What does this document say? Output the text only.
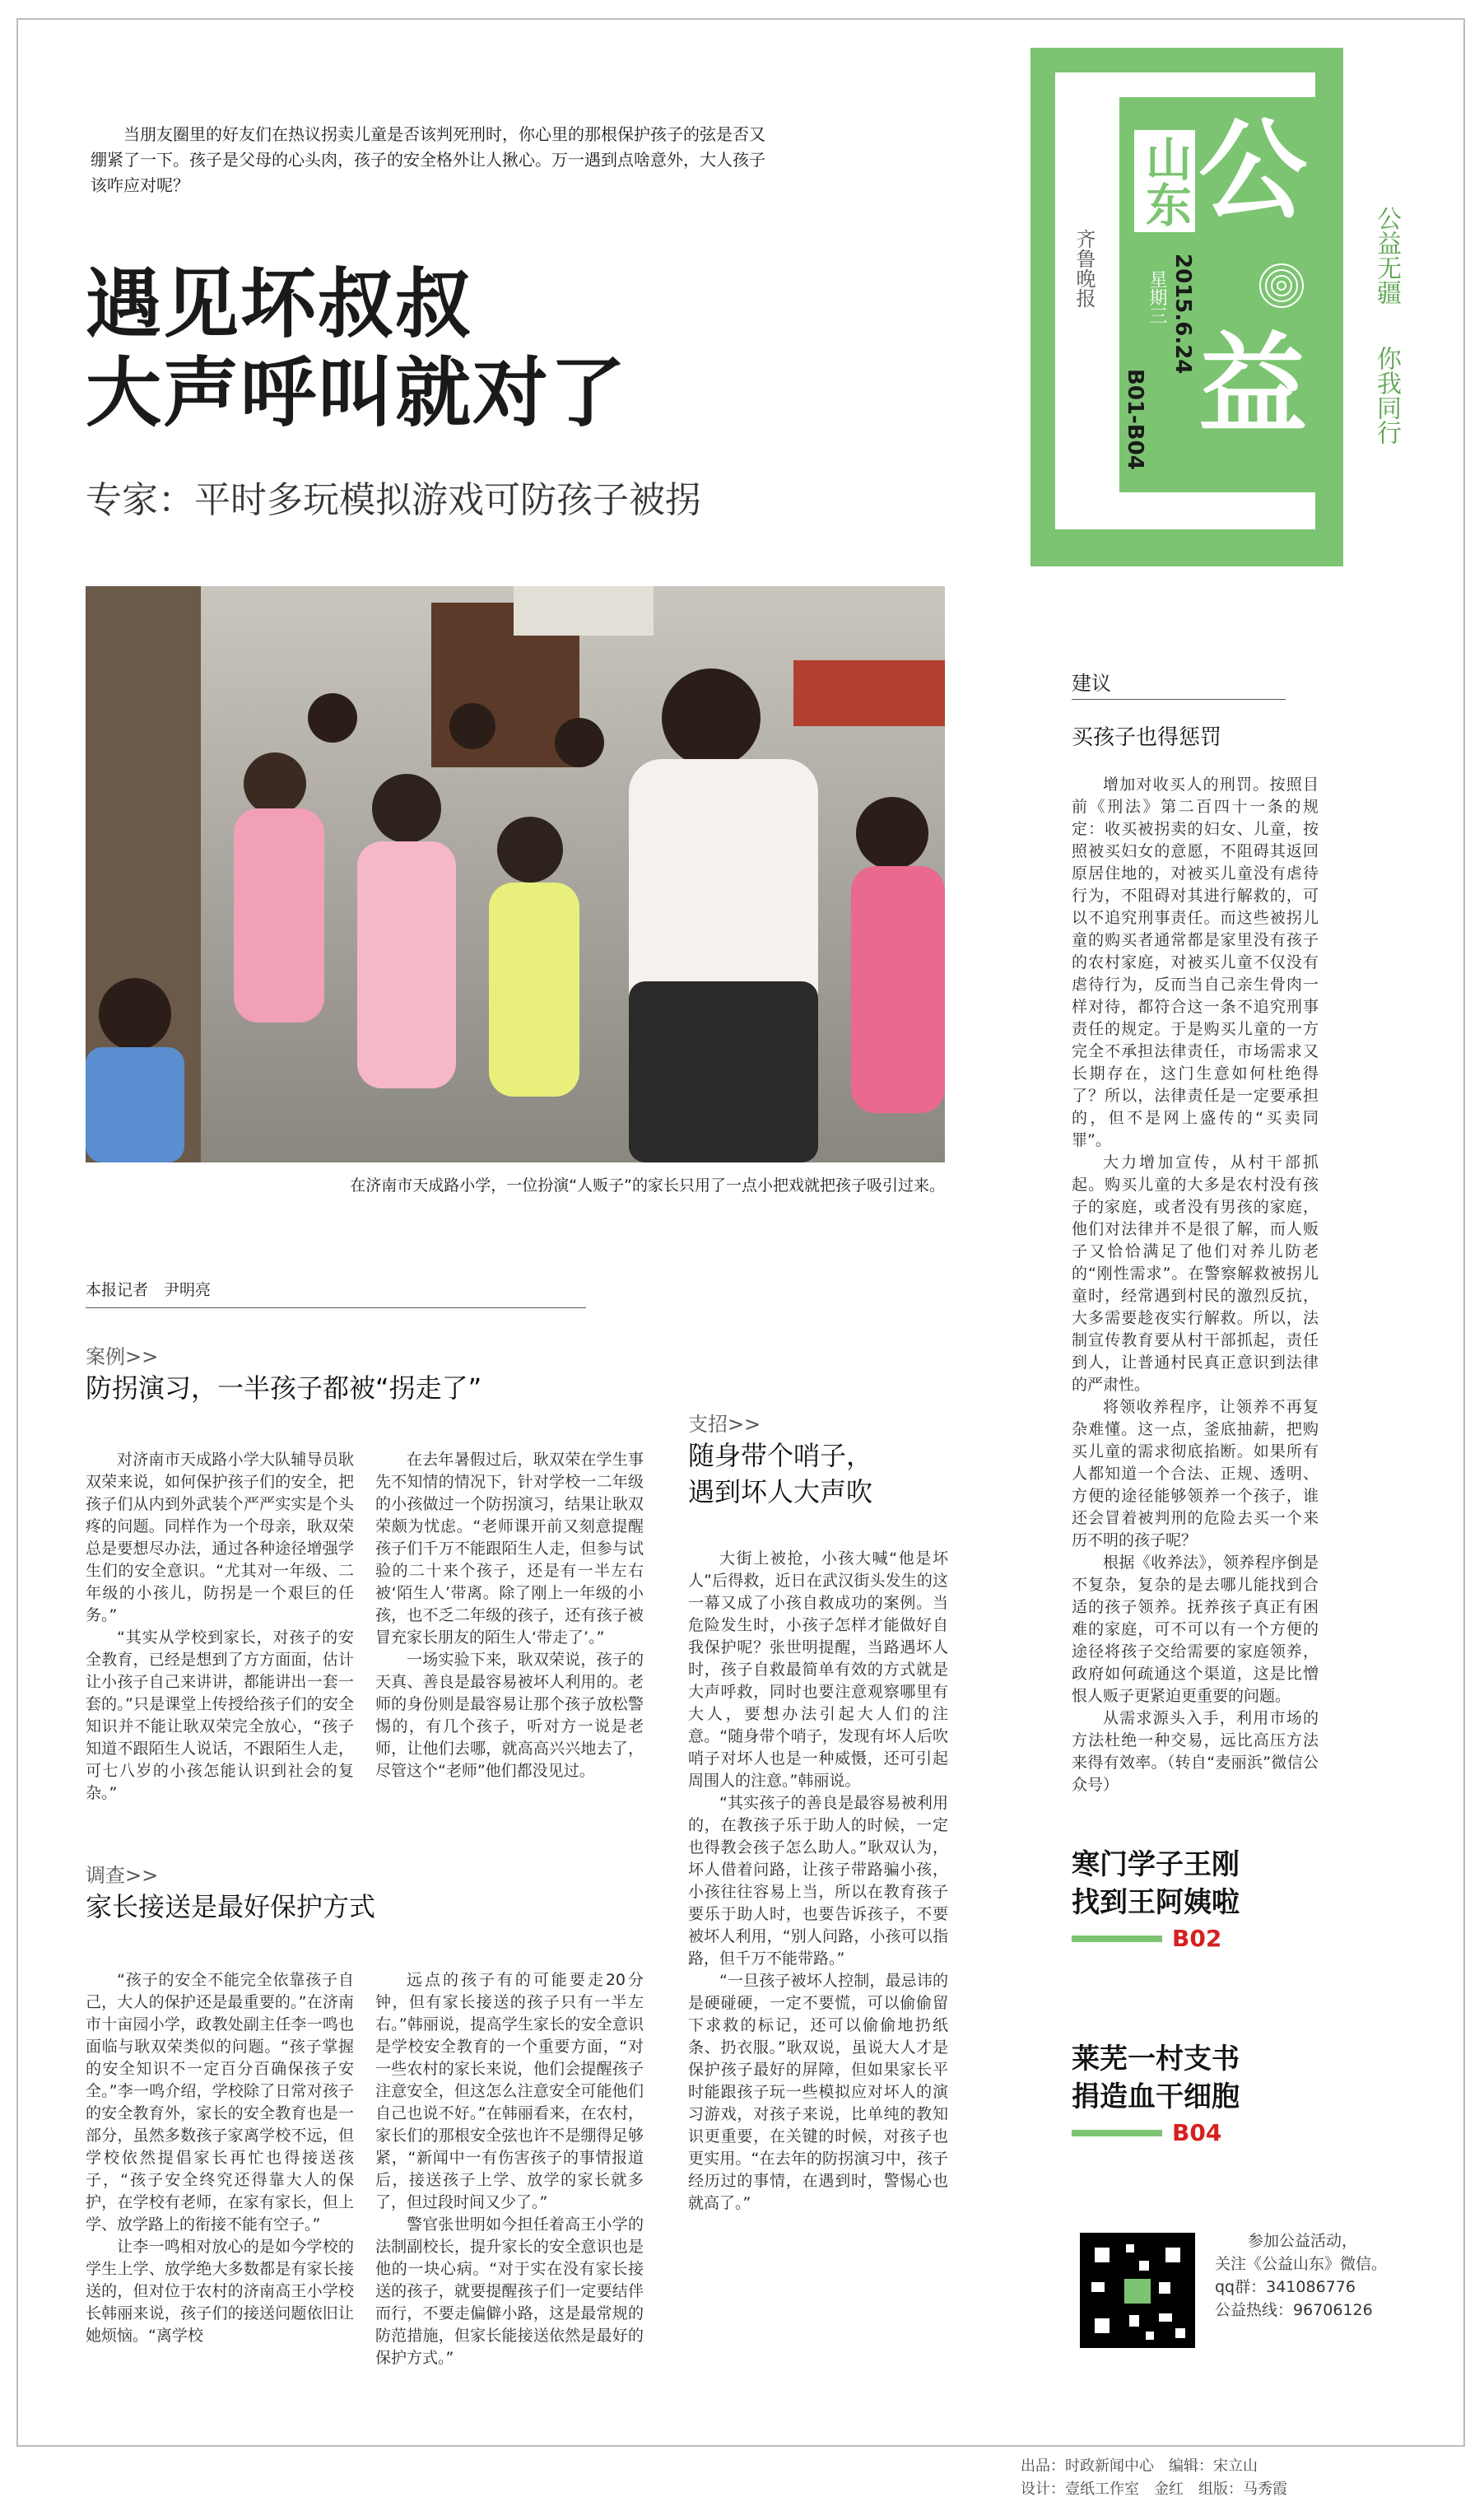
当朋友圈里的好友们在热议拐卖儿童是否该判死刑时，你心里的那根保护孩子的弦是否又绷紧了一下。孩子是父母的心头肉，孩子的安全格外让人揪心。万一遇到点啥意外，大人孩子该咋应对呢？
遇见坏叔叔
大声呼叫就对了
专家：平时多玩模拟游戏可防孩子被拐
在济南市天成路小学，一位扮演“人贩子”的家长只用了一点小把戏就把孩子吸引过来。
本报记者　尹明亮
案例>>
防拐演习，一半孩子都被“拐走了”

对济南市天成路小学大队辅导员耿双荣来说，如何保护孩子们的安全，把孩子们从内到外武装个严严实实是个头疼的问题。同样作为一个母亲，耿双荣总是要想尽办法，通过各种途径增强学生们的安全意识。“尤其对一年级、二年级的小孩儿，防拐是一个艰巨的任务。”

“其实从学校到家长，对孩子的安全教育，已经是想到了方方面面，估计让小孩子自己来讲讲，都能讲出一套一套的。”只是课堂上传授给孩子们的安全知识并不能让耿双荣完全放心，“孩子知道不跟陌生人说话，不跟陌生人走，可七八岁的小孩怎能认识到社会的复杂。”

在去年暑假过后，耿双荣在学生事先不知情的情况下，针对学校一二年级的小孩做过一个防拐演习，结果让耿双荣颇为忧虑。“老师课开前又刻意提醒孩子们千万不能跟陌生人走，但参与试验的二十来个孩子，还是有一半左右被‘陌生人’带离。除了刚上一年级的小孩，也不乏二年级的孩子，还有孩子被冒充家长朋友的陌生人‘带走了’。”

一场实验下来，耿双荣说，孩子的天真、善良是最容易被坏人利用的。老师的身份则是最容易让那个孩子放松警惕的，有几个孩子，听对方一说是老师，让他们去哪，就高高兴兴地去了，尽管这个“老师”他们都没见过。

调查>>
家长接送是最好保护方式

“孩子的安全不能完全依靠孩子自己，大人的保护还是最重要的。”在济南市十亩园小学，政教处副主任李一鸣也面临与耿双荣类似的问题。“孩子掌握的安全知识不一定百分百确保孩子安全。”李一鸣介绍，学校除了日常对孩子的安全教育外，家长的安全教育也是一部分，虽然多数孩子家离学校不远，但学校依然提倡家长再忙也得接送孩子，“孩子安全终究还得靠大人的保护，在学校有老师，在家有家长，但上学、放学路上的衔接不能有空子。”

让李一鸣相对放心的是如今学校的学生上学、放学绝大多数都是有家长接送的，但对位于农村的济南高王小学校长韩丽来说，孩子们的接送问题依旧让她烦恼。“离学校

远点的孩子有的可能要走20分钟，但有家长接送的孩子只有一半左右。”韩丽说，提高学生家长的安全意识是学校安全教育的一个重要方面，“对一些农村的家长来说，他们会提醒孩子注意安全，但这怎么注意安全可能他们自己也说不好。”在韩丽看来，在农村，家长们的那根安全弦也许不是绷得足够紧，“新闻中一有伤害孩子的事情报道后，接送孩子上学、放学的家长就多了，但过段时间又少了。”

警官张世明如今担任着高王小学的法制副校长，提升家长的安全意识也是他的一块心病。“对于实在没有家长接送的孩子，就要提醒孩子们一定要结伴而行，不要走偏僻小路，这是最常规的防范措施，但家长能接送依然是最好的保护方式。”

支招>>
随身带个哨子，
遇到坏人大声吹

大街上被抢，小孩大喊“他是坏人”后得救，近日在武汉街头发生的这一幕又成了小孩自救成功的案例。当危险发生时，小孩子怎样才能做好自我保护呢？张世明提醒，当路遇坏人时，孩子自救最简单有效的方式就是大声呼救，同时也要注意观察哪里有大人，要想办法引起大人们的注意。“随身带个哨子，发现有坏人后吹哨子对坏人也是一种威慑，还可引起周围人的注意。”韩丽说。

“其实孩子的善良是最容易被利用的，在教孩子乐于助人的时候，一定也得教会孩子怎么助人。”耿双认为，坏人借着问路，让孩子带路骗小孩，小孩往往容易上当，所以在教育孩子要乐于助人时，也要告诉孩子，不要被坏人利用，“别人问路，小孩可以指路，但千万不能带路。”

“一旦孩子被坏人控制，最忌讳的是硬碰硬，一定不要慌，可以偷偷留下求救的标记，还可以偷偷地扔纸条、扔衣服。”耿双说，虽说大人才是保护孩子最好的屏障，但如果家长平时能跟孩子玩一些模拟应对坏人的演习游戏，对孩子来说，比单纯的教知识更重要，在关键的时候，对孩子也更实用。“在去年的防拐演习中，孩子经历过的事情，在遇到时，警惕心也就高了。”

公
益
山东
星期三 2015.6.24
B01-B04
齐鲁晚报	公益无疆
你我同行
建议
买孩子也得惩罚

增加对收买人的刑罚。按照目前《刑法》第二百四十一条的规定：收买被拐卖的妇女、儿童，按照被买妇女的意愿，不阻碍其返回原居住地的，对被买儿童没有虐待行为，不阻碍对其进行解救的，可以不追究刑事责任。而这些被拐儿童的购买者通常都是家里没有孩子的农村家庭，对被买儿童不仅没有虐待行为，反而当自己亲生骨肉一样对待，都符合这一条不追究刑事责任的规定。于是购买儿童的一方完全不承担法律责任，市场需求又长期存在，这门生意如何杜绝得了？所以，法律责任是一定要承担的，但不是网上盛传的“买卖同罪”。

大力增加宣传，从村干部抓起。购买儿童的大多是农村没有孩子的家庭，或者没有男孩的家庭，他们对法律并不是很了解，而人贩子又恰恰满足了他们对养儿防老的“刚性需求”。在警察解救被拐儿童时，经常遇到村民的激烈反抗，大多需要趁夜实行解救。所以，法制宣传教育要从村干部抓起，责任到人，让普通村民真正意识到法律的严肃性。

将领收养程序，让领养不再复杂难懂。这一点，釜底抽薪，把购买儿童的需求彻底掐断。如果所有人都知道一个合法、正规、透明、方便的途径能够领养一个孩子，谁还会冒着被判刑的危险去买一个来历不明的孩子呢？

根据《收养法》，领养程序倒是不复杂，复杂的是去哪儿能找到合适的孩子领养。抚养孩子真正有困难的家庭，可不可以有一个方便的途径将孩子交给需要的家庭领养，政府如何疏通这个渠道，这是比憎恨人贩子更紧迫更重要的问题。

从需求源头入手，利用市场的方法杜绝一种交易，远比高压方法来得有效率。（转自“麦丽浜”微信公众号）

寒门学子王刚
找到王阿姨啦
B02
莱芜一村支书
捐造血干细胞
B04
参加公益活动，
关注《公益山东》微信。
qq群：341086776
公益热线：96706126
出品：时政新闻中心　编辑：宋立山
设计：壹纸工作室　金红　组版：马秀霞
